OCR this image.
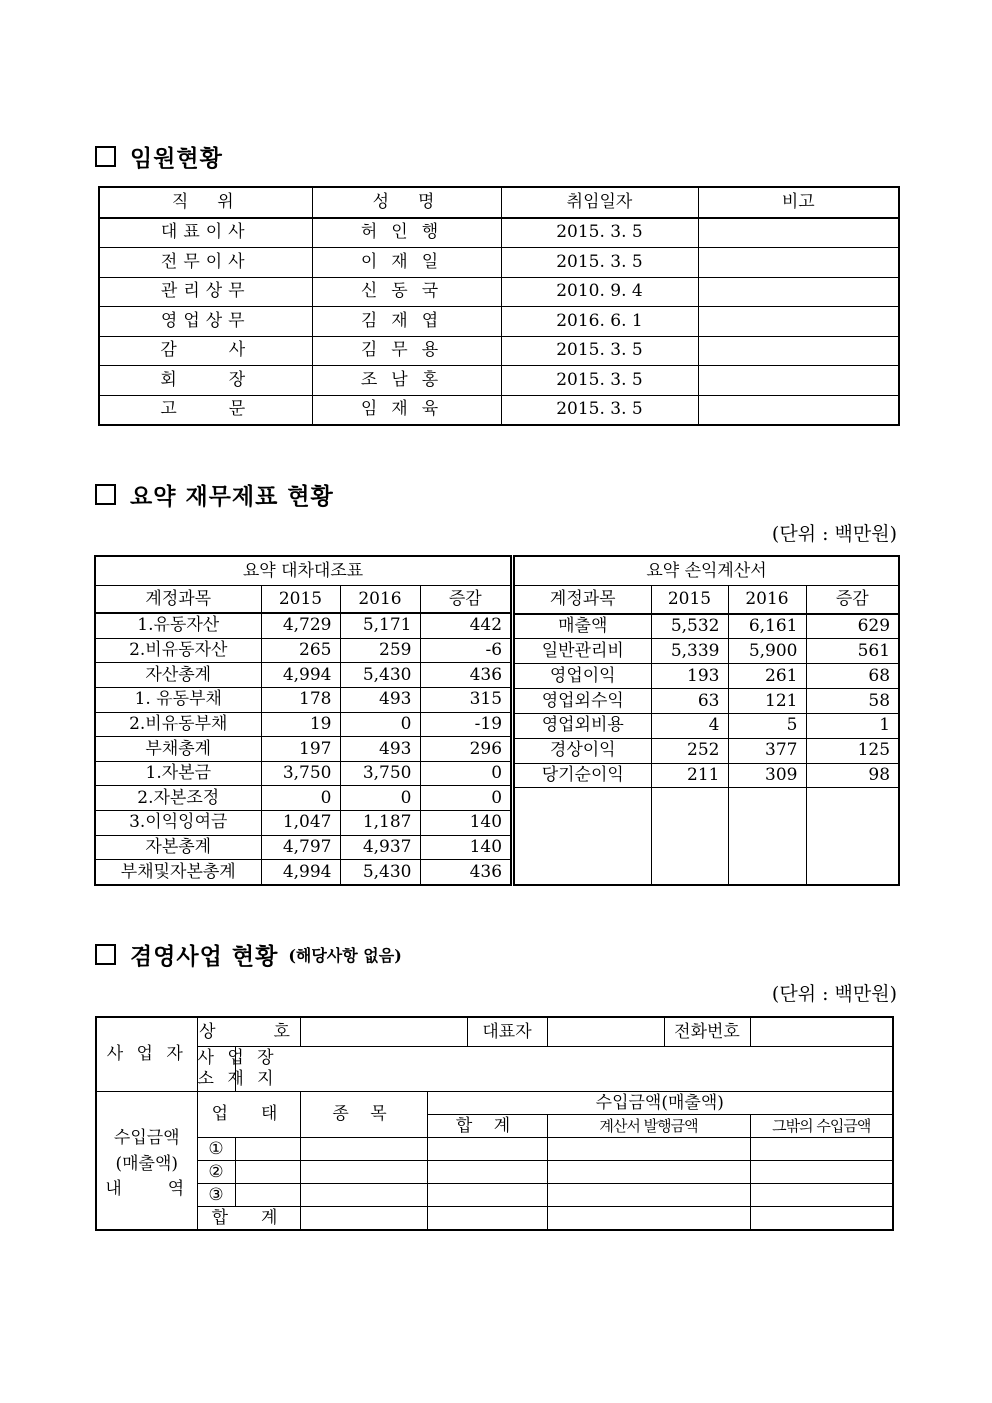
임원현황
직　위	성　명	취임일자	비고
대표이사	허인행	2015. 3. 5	
전무이사	이재일	2015. 3. 5	
관리상무	신동국	2010. 9. 4	
영업상무	김재엽	2016. 6. 1	
감　　사	김무용	2015. 3. 5	
회　　장	조남홍	2015. 3. 5	
고　　문	임재육	2015. 3. 5	
요약 재무제표 현황
(단위 : 백만원)
요약 대차대조표			
계정과목	2015	2016	증감
1.유동자산	4,729	5,171	442
2.비유동자산	265	259	-6
자산총계	4,994	5,430	436
1. 유동부채	178	493	315
2.비유동부채	19	0	-19
부채총계	197	493	296
1.자본금	3,750	3,750	0
2.자본조정	0	0	0
3.이익잉여금	1,047	1,187	140
자본총계	4,797	4,937	140
부채및자본총계	4,994	5,430	436
요약 손익계산서			
계정과목	2015	2016	증감
매출액	5,532	6,161	629
일반관리비	5,339	5,900	561
영업이익	193	261	68
영업외수익	63	121	58
영업외비용	4	5	1
경상이익	252	377	125
당기순이익	211	309	98

겸영사업 현황 (해당사항 없음)
(단위 : 백만원)
사 업 자	상　　호				대표자		전화번호	

	사 업 장
소 재 지							

수입금액
(매출액)
내　　역	업　태		종 목	수입금액(매출액)				
				합 계		계산서 발행금액		그밖의 수입금액
	①							
	②							
	③							
	합　계							
